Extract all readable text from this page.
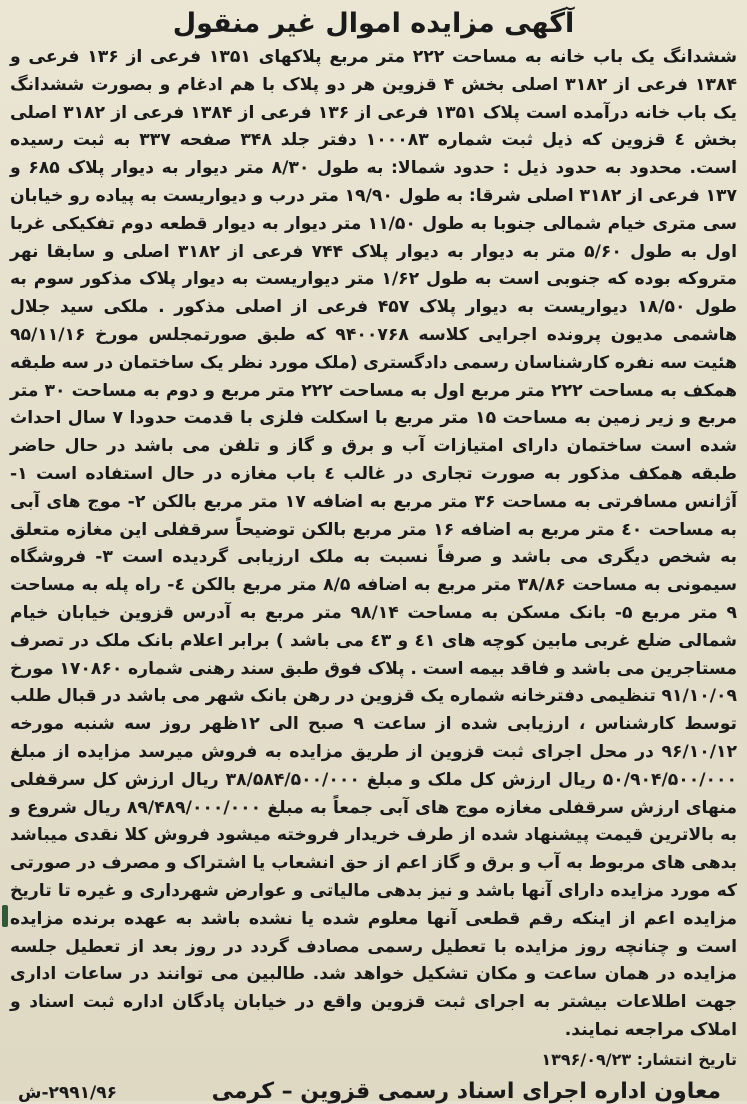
آگهی مزایده اموال غیر منقول

ششدانگ یک باب خانه به مساحت ۲۲۲ متر مربع پلاکهای ۱۳۵۱ فرعی از ۱۳۶ فرعی و ۱۳۸۴ فرعی از ۳۱۸۲ اصلی بخش ۴ قزوین هر دو پلاک با هم ادغام و بصورت ششدانگ یک باب خانه درآمده است پلاک ۱۳۵۱ فرعی از ۱۳۶ فرعی از ۱۳۸۴ فرعی از ۳۱۸۲ اصلی بخش ٤ قزوین که ذیل ثبت شماره ۱۰۰۰۸۳ دفتر جلد ۳۴۸ صفحه ۳۳۷ به ثبت رسیده است. محدود به حدود ذیل : حدود شمالا: به طول ۸/۳۰ متر دیوار به دیوار پلاک ۶۸۵ و ۱۳۷ فرعی از ۳۱۸۲ اصلی شرقا: به طول ۱۹/۹۰ متر درب و دیواریست به پیاده رو خیابان سی متری خیام شمالی جنوبا به طول ۱۱/۵۰ متر دیوار به دیوار قطعه دوم تفکیکی غربا اول به طول ۵/۶۰ متر به دیوار به دیوار پلاک ۷۴۴ فرعی از ۳۱۸۲ اصلی و سابقا نهر متروکه بوده که جنوبی است به طول ۱/۶۲ متر دیواریست به دیوار پلاک مذکور سوم به طول ۱۸/۵۰ دیواریست به دیوار پلاک ۴۵۷ فرعی از اصلی مذکور . ملکی سید جلال هاشمی مدیون پرونده اجرایی کلاسه ۹۴۰۰۷۶۸ که طبق صورتمجلس مورخ ۹۵/۱۱/۱۶ هئیت سه نفره کارشناسان رسمی دادگستری (ملک مورد نظر یک ساختمان در سه طبقه همکف به مساحت ۲۲۲ متر مربع اول به مساحت ۲۲۲ متر مربع و دوم به مساحت ۳۰ متر مربع و زیر زمین به مساحت ۱۵ متر مربع با اسکلت فلزی با قدمت حدودا ۷ سال احداث شده است ساختمان دارای امتیازات آب و برق و گاز و تلفن می باشد در حال حاضر طبقه همکف مذکور به صورت تجاری در غالب ٤ باب مغازه در حال استفاده است ۱- آژانس مسافرتی به مساحت ۳۶ متر مربع به اضافه ۱۷ متر مربع بالکن ۲- موج های آبی به مساحت ٤۰ متر مربع به اضافه ۱۶ متر مربع بالکن توضیحاً سرقفلی این مغازه متعلق به شخص دیگری می باشد و صرفاً نسبت به ملک ارزیابی گردیده است ۳- فروشگاه سیمونی به مساحت ۳۸/۸۶ متر مربع به اضافه ۸/۵ متر مربع بالکن ٤- راه پله به مساحت ۹ متر مربع ۵- بانک مسکن به مساحت ۹۸/۱۴ متر مربع به آدرس قزوین خیابان خیام شمالی ضلع غربی مابین کوچه های ٤۱ و ٤۳ می باشد ) برابر اعلام بانک ملک در تصرف مستاجرین می باشد و فاقد بیمه است . پلاک فوق طبق سند رهنی شماره ۱۷۰۸۶۰ مورخ ۹۱/۱۰/۰۹ تنظیمی دفترخانه شماره یک قزوین در رهن بانک شهر می باشد در قبال طلب توسط کارشناس ، ارزیابی شده از ساعت ۹ صبح الی ۱۲ظهر روز سه شنبه مورخه ۹۶/۱۰/۱۲ در محل اجرای ثبت قزوین از طریق مزایده به فروش میرسد مزایده از مبلغ ۵۰/۹۰۴/۵۰۰/۰۰۰ ریال ارزش کل ملک و مبلغ ۳۸/۵۸۴/۵۰۰/۰۰۰ ریال ارزش کل سرقفلی منهای ارزش سرقفلی مغازه موج های آبی جمعاً به مبلغ ۸۹/۴۸۹/۰۰۰/۰۰۰ ریال شروع و به بالاترین قیمت پیشنهاد شده از طرف خریدار فروخته میشود فروش کلا نقدی میباشد بدهی های مربوط به آب و برق و گاز اعم از حق انشعاب یا اشتراک و مصرف در صورتی که مورد مزایده دارای آنها باشد و نیز بدهی مالیاتی و عوارض شهرداری و غیره تا تاریخ مزایده اعم از اینکه رقم قطعی آنها معلوم شده یا نشده باشد به عهده برنده مزایده است و چنانچه روز مزایده با تعطیل رسمی مصادف گردد در روز بعد از تعطیل جلسه مزایده در همان ساعت و مکان تشکیل خواهد شد. طالبین می توانند در ساعات اداری جهت اطلاعات بیشتر به اجرای ثبت قزوین واقع در خیابان پادگان اداره ثبت اسناد و املاک مراجعه نمایند.

تاریخ انتشار: ۱۳۹۶/۰۹/۲۳
معاون اداره اجرای اسناد رسمی قزوین – کرمی
۲۹۹۱/۹۶-ش
